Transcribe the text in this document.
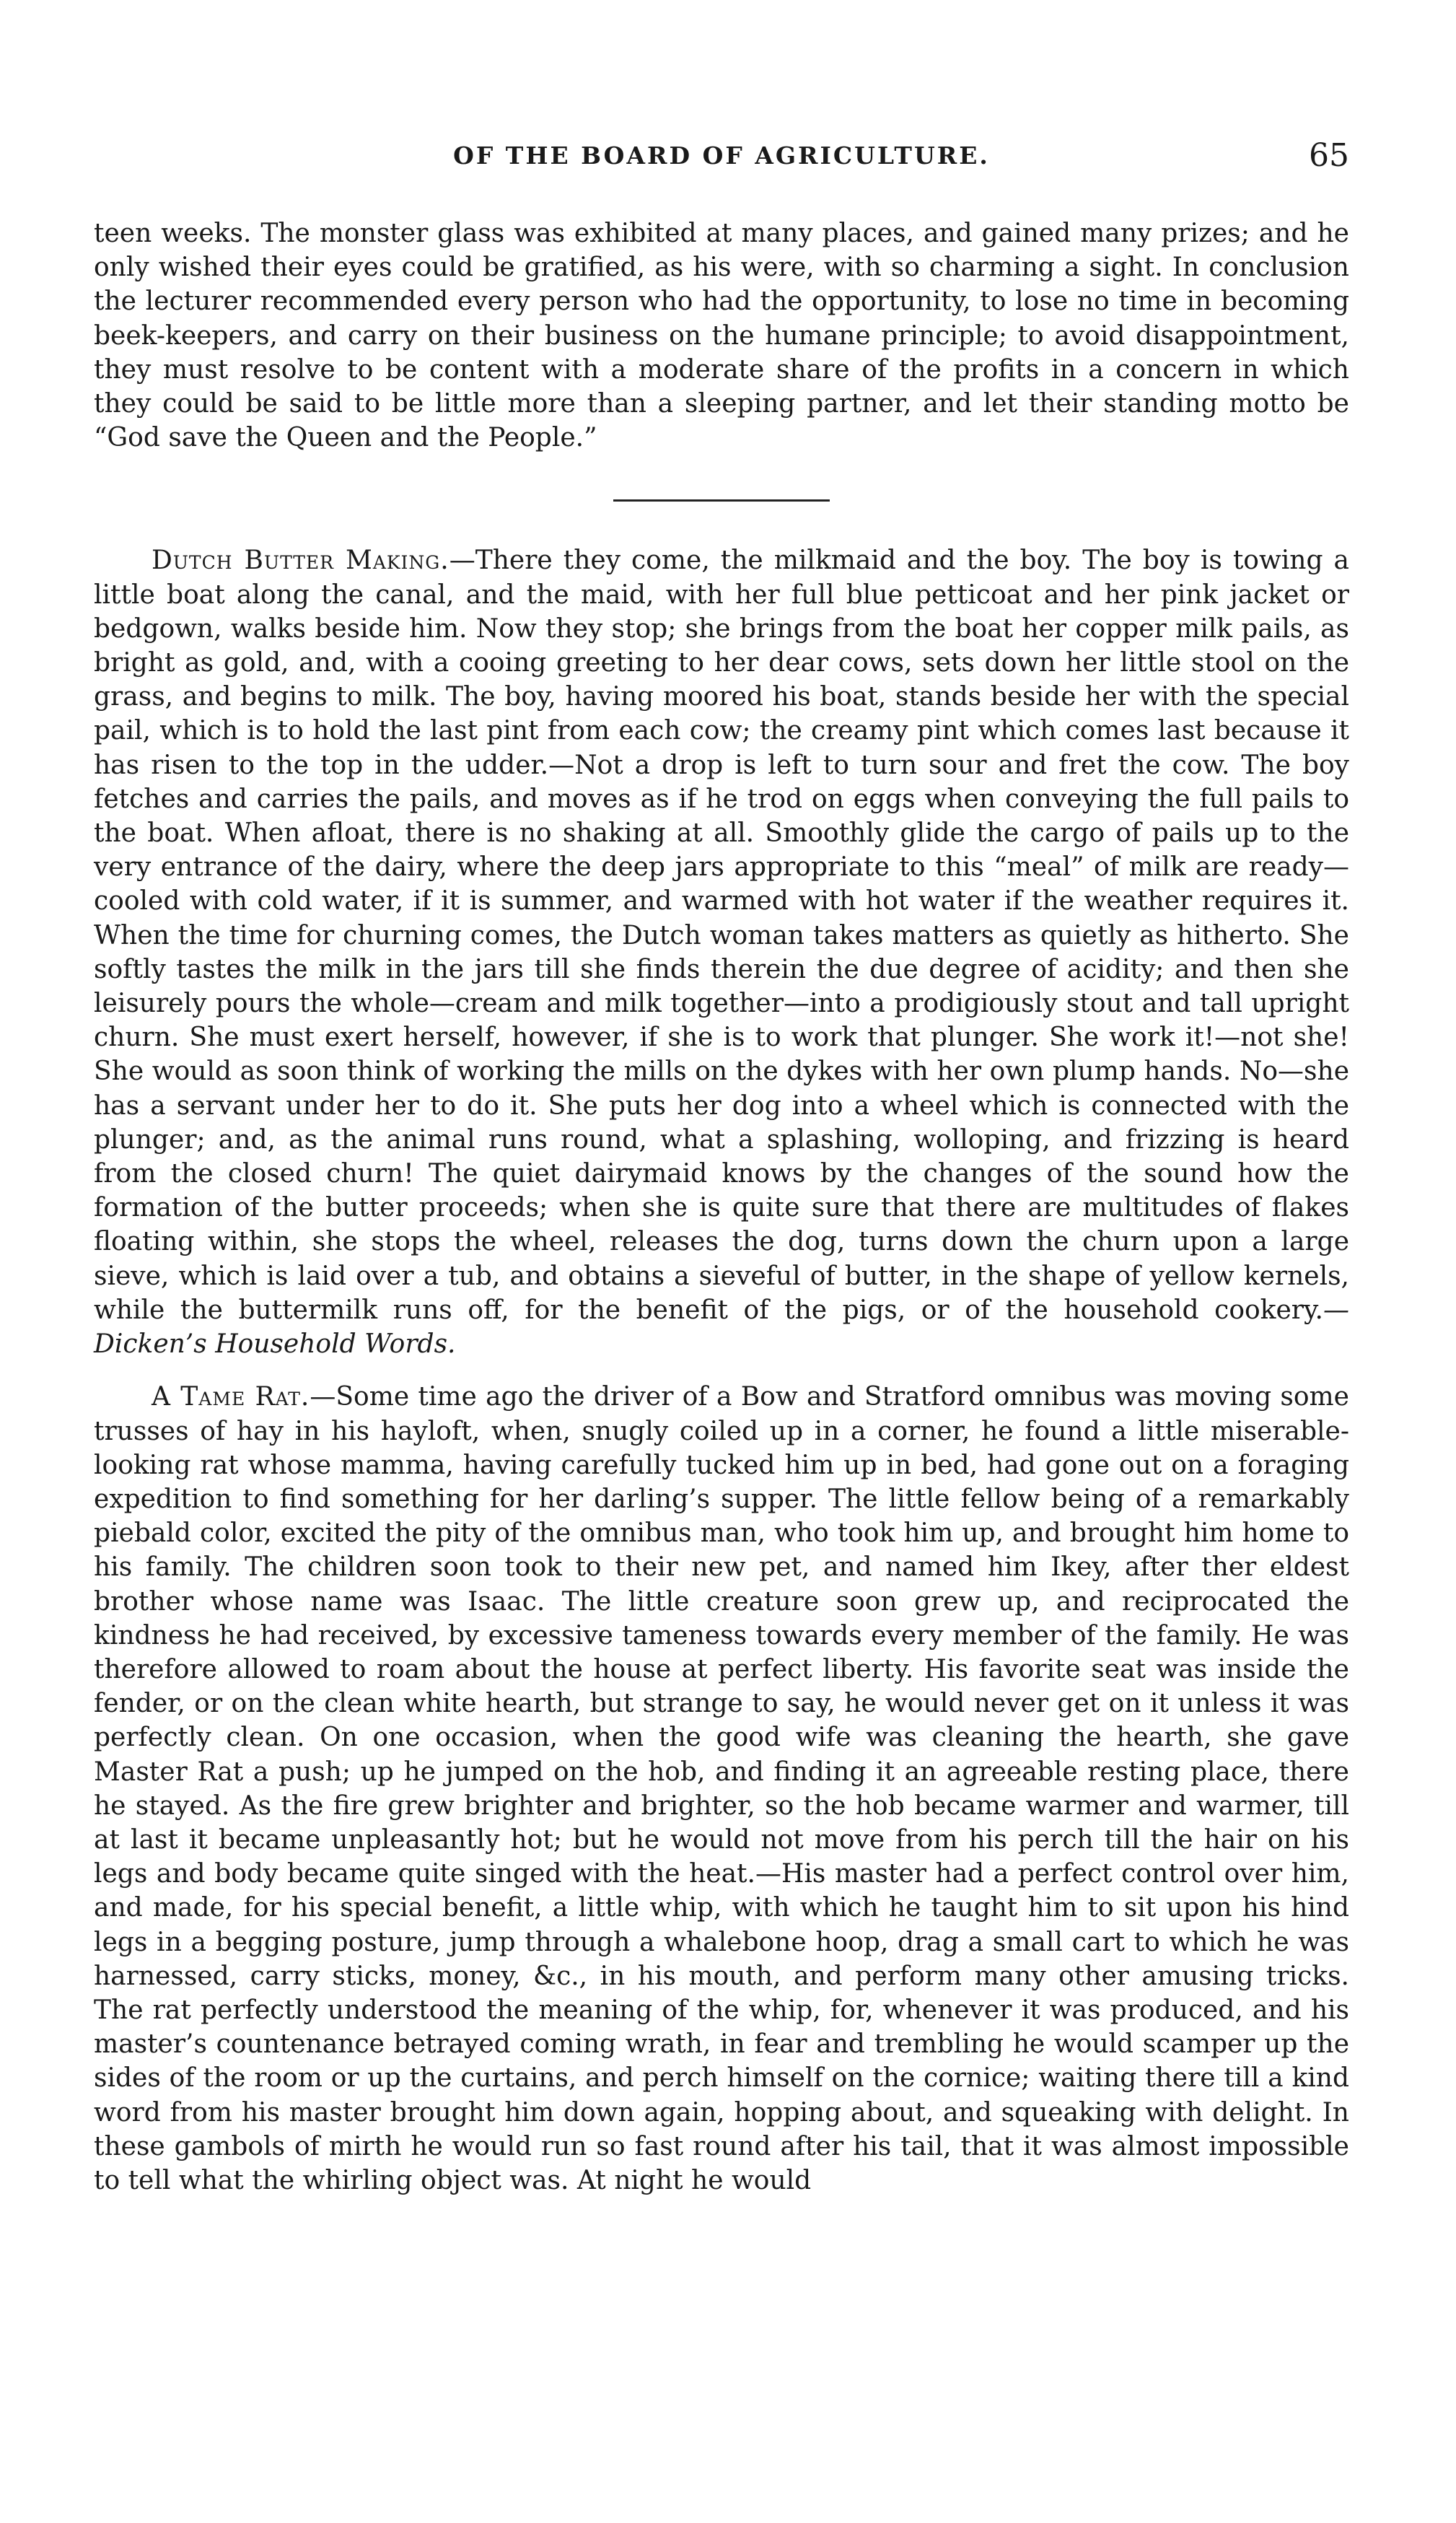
OF THE BOARD OF AGRICULTURE.	65

teen weeks. The monster glass was exhibited at many places, and gained many prizes; and he only wished their eyes could be gratified, as his were, with so charming a sight. In conclusion the lecturer recommended every person who had the opportunity, to lose no time in becoming beek-keepers, and carry on their business on the humane principle; to avoid disappointment, they must resolve to be content with a moderate share of the profits in a concern in which they could be said to be little more than a sleeping partner, and let their standing motto be “God save the Queen and the People.”

Dutch Butter Making.—There they come, the milkmaid and the boy. The boy is towing a little boat along the canal, and the maid, with her full blue petticoat and her pink jacket or bedgown, walks beside him. Now they stop; she brings from the boat her copper milk pails, as bright as gold, and, with a cooing greeting to her dear cows, sets down her little stool on the grass, and begins to milk. The boy, having moored his boat, stands beside her with the special pail, which is to hold the last pint from each cow; the creamy pint which comes last because it has risen to the top in the udder.—Not a drop is left to turn sour and fret the cow. The boy fetches and carries the pails, and moves as if he trod on eggs when conveying the full pails to the boat. When afloat, there is no shaking at all. Smoothly glide the cargo of pails up to the very entrance of the dairy, where the deep jars appropriate to this “meal” of milk are ready—cooled with cold water, if it is summer, and warmed with hot water if the weather requires it. When the time for churning comes, the Dutch woman takes matters as quietly as hitherto. She softly tastes the milk in the jars till she finds therein the due degree of acidity; and then she leisurely pours the whole—cream and milk together—into a prodigiously stout and tall upright churn. She must exert herself, however, if she is to work that plunger. She work it!—not she! She would as soon think of working the mills on the dykes with her own plump hands. No—she has a servant under her to do it. She puts her dog into a wheel which is connected with the plunger; and, as the animal runs round, what a splashing, wolloping, and frizzing is heard from the closed churn! The quiet dairymaid knows by the changes of the sound how the formation of the butter proceeds; when she is quite sure that there are multitudes of flakes floating within, she stops the wheel, releases the dog, turns down the churn upon a large sieve, which is laid over a tub, and obtains a sieveful of butter, in the shape of yellow kernels, while the buttermilk runs off, for the benefit of the pigs, or of the household cookery.—Dicken’s Household Words.

A Tame Rat.—Some time ago the driver of a Bow and Stratford omnibus was moving some trusses of hay in his hayloft, when, snugly coiled up in a corner, he found a little miserable-looking rat whose mamma, having carefully tucked him up in bed, had gone out on a foraging expedition to find something for her darling’s supper. The little fellow being of a remarkably piebald color, excited the pity of the omnibus man, who took him up, and brought him home to his family. The children soon took to their new pet, and named him Ikey, after ther eldest brother whose name was Isaac. The little creature soon grew up, and reciprocated the kindness he had received, by excessive tameness towards every member of the family. He was therefore allowed to roam about the house at perfect liberty. His favorite seat was inside the fender, or on the clean white hearth, but strange to say, he would never get on it unless it was perfectly clean. On one occasion, when the good wife was cleaning the hearth, she gave Master Rat a push; up he jumped on the hob, and finding it an agreeable resting place, there he stayed. As the fire grew brighter and brighter, so the hob became warmer and warmer, till at last it became unpleasantly hot; but he would not move from his perch till the hair on his legs and body became quite singed with the heat.—His master had a perfect control over him, and made, for his special benefit, a little whip, with which he taught him to sit upon his hind legs in a begging posture, jump through a whalebone hoop, drag a small cart to which he was harnessed, carry sticks, money, &c., in his mouth, and perform many other amusing tricks. The rat perfectly understood the meaning of the whip, for, whenever it was produced, and his master’s countenance betrayed coming wrath, in fear and trembling he would scamper up the sides of the room or up the curtains, and perch himself on the cornice; waiting there till a kind word from his master brought him down again, hopping about, and squeaking with delight. In these gambols of mirth he would run so fast round after his tail, that it was almost impossible to tell what the whirling object was. At night he would
